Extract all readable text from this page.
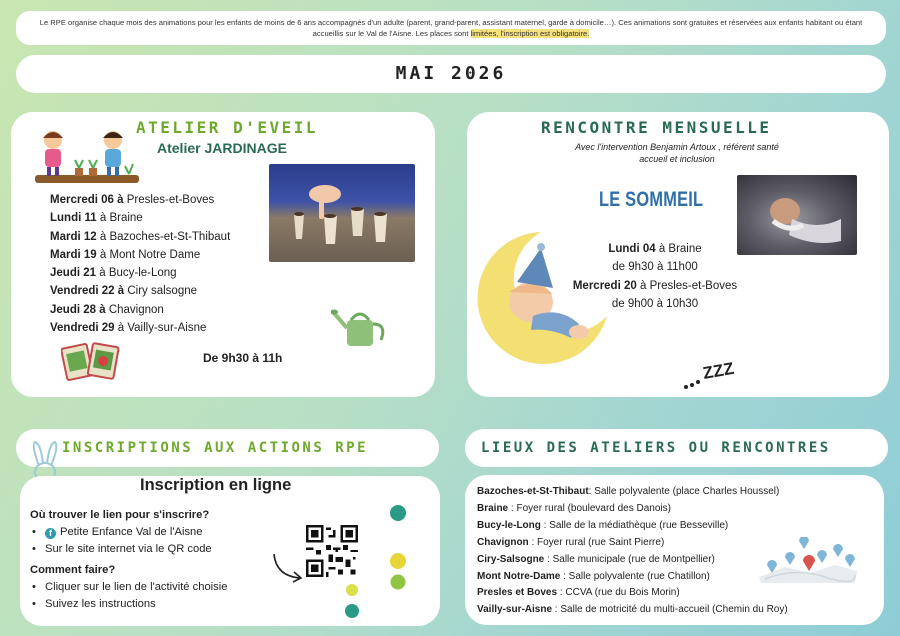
Le RPE organise chaque mois des animations pour les enfants de moins de 6 ans accompagnés d'un adulte (parent, grand-parent, assistant maternel, garde à domicile…). Ces animations sont gratuites et réservées aux enfants habitant ou étant accueillis sur le Val de l'Aisne. Les places sont limitées, l'inscription est obligatoire.
MAI 2026
ATELIER D'EVEIL
Atelier JARDINAGE
Mercredi 06 à Presles-et-Boves
Lundi 11 à Braine
Mardi 12 à Bazoches-et-St-Thibaut
Mardi 19 à Mont Notre Dame
Jeudi 21 à Bucy-le-Long
Vendredi 22 à Ciry salsogne
Jeudi 28 à Chavignon
Vendredi 29 à Vailly-sur-Aisne
De 9h30 à 11h
RENCONTRE MENSUELLE
Avec l'intervention Benjamin Artoux , référent santé
accueil et inclusion
LE SOMMEIL
Lundi 04 à Braine
de 9h30 à 11h00
Mercredi 20 à Presles-et-Boves
de 9h00 à 10h30
ZZZ
INSCRIPTIONS AUX ACTIONS RPE
Inscription en ligne
Où trouver le lien pour s'inscrire?
• f Petite Enfance Val de l'Aisne
• Sur le site internet via le QR code
Comment faire?
• Cliquer sur le lien de l'activité choisie
• Suivez les instructions
LIEUX DES ATELIERS OU RENCONTRES
Bazoches-et-St-Thibaut: Salle polyvalente (place Charles Houssel)
Braine : Foyer rural (boulevard des Danois)
Bucy-le-Long : Salle de la médiathèque (rue Besseville)
Chavignon : Foyer rural (rue Saint Pierre)
Ciry-Salsogne : Salle municipale (rue de Montpellier)
Mont Notre-Dame : Salle polyvalente (rue Chatillon)
Presles et Boves : CCVA (rue du Bois Morin)
Vailly-sur-Aisne : Salle de motricité du multi-accueil (Chemin du Roy)
